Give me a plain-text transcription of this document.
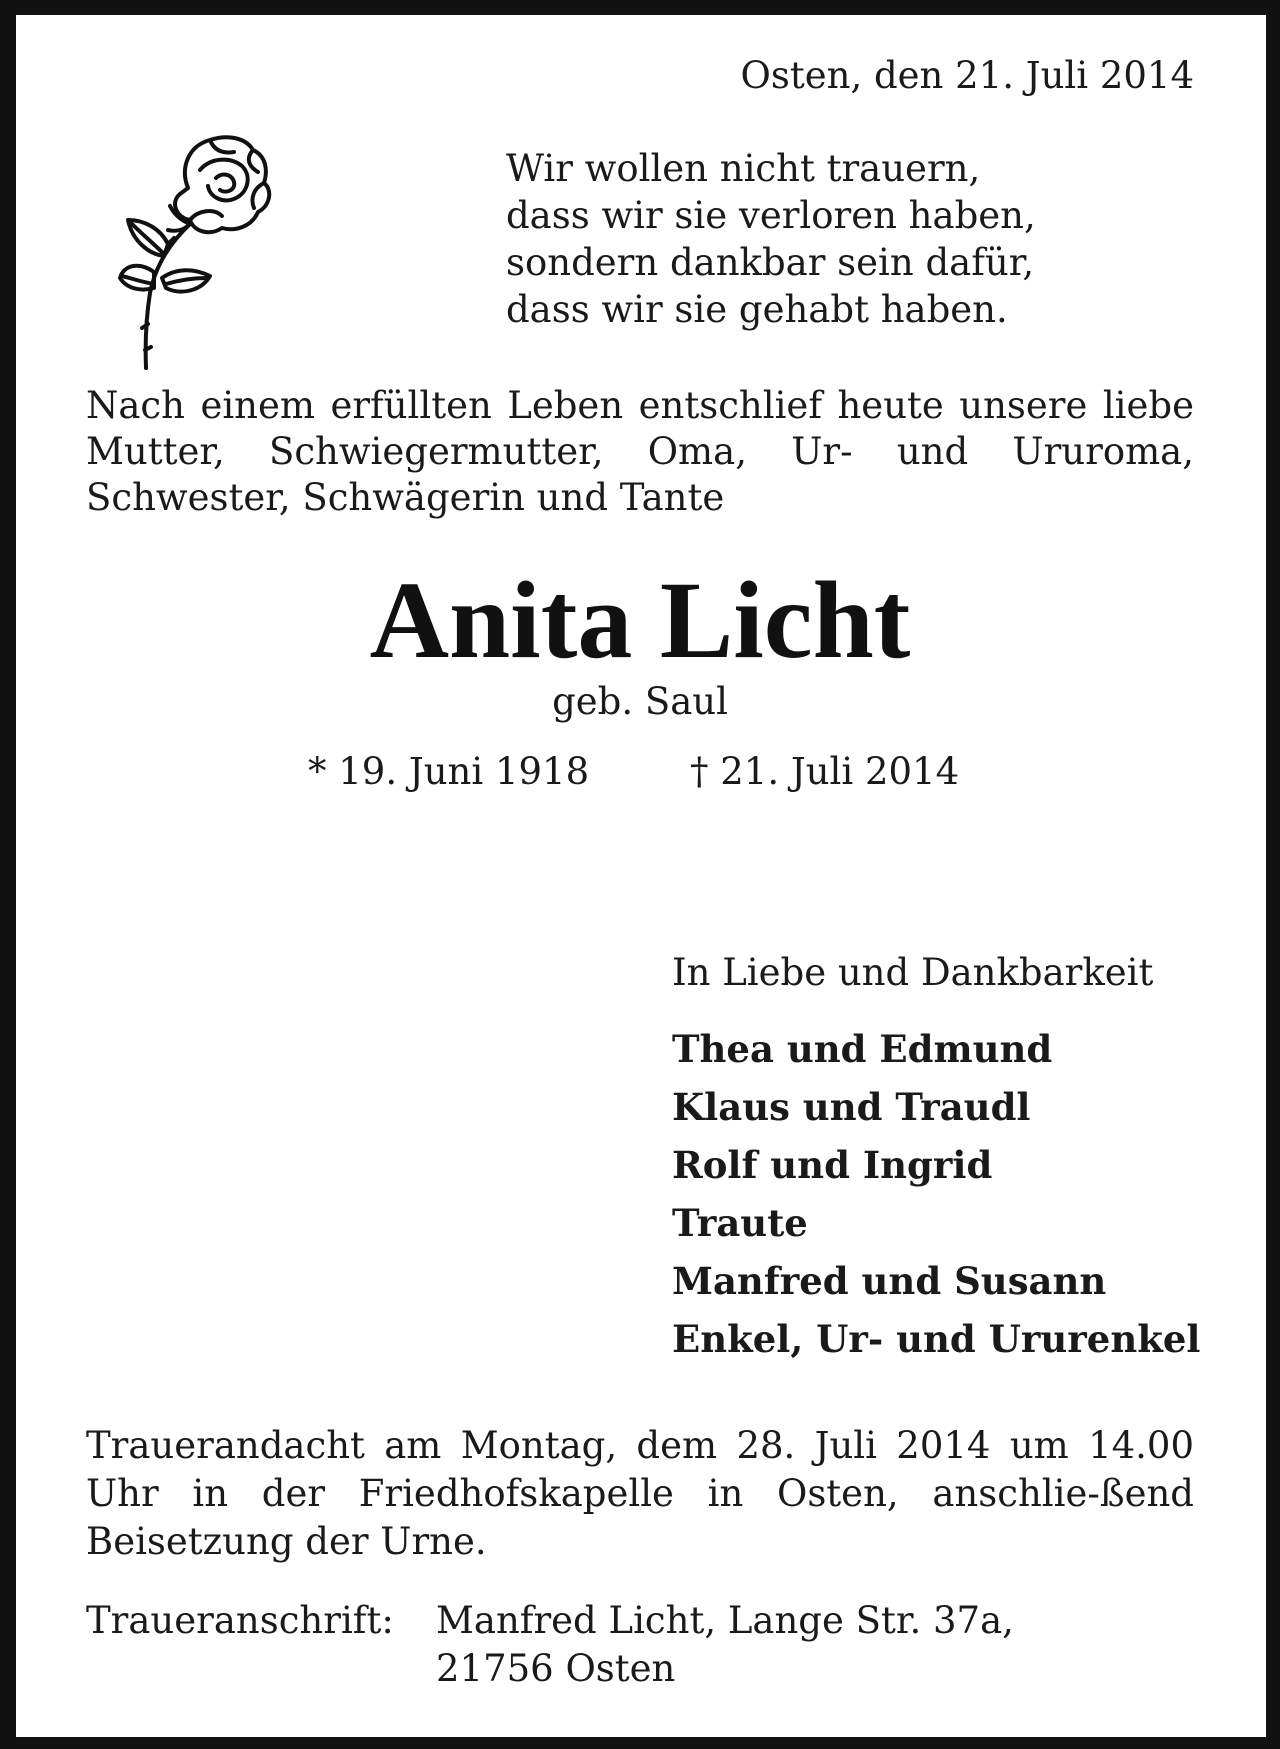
Osten, den 21. Juli 2014
Wir wollen nicht trauern,
dass wir sie verloren haben,
sondern dankbar sein dafür,
dass wir sie gehabt haben.
Nach einem erfüllten Leben entschlief heute unsere liebe Mutter, Schwiegermutter, Oma, Ur- und Ururoma, Schwester, Schwägerin und Tante
Anita Licht
geb. Saul
* 19. Juni 1918	† 21. Juli 2014
In Liebe und Dankbarkeit
Thea und Edmund
Klaus und Traudl
Rolf und Ingrid
Traute
Manfred und Susann
Enkel, Ur- und Ururenkel
Trauerandacht am Montag, dem 28. Juli 2014 um 14.00 Uhr in der Friedhofskapelle in Osten, anschlie-ßend Beisetzung der Urne.
Traueranschrift: Manfred Licht, Lange Str. 37a,
21756 Osten
